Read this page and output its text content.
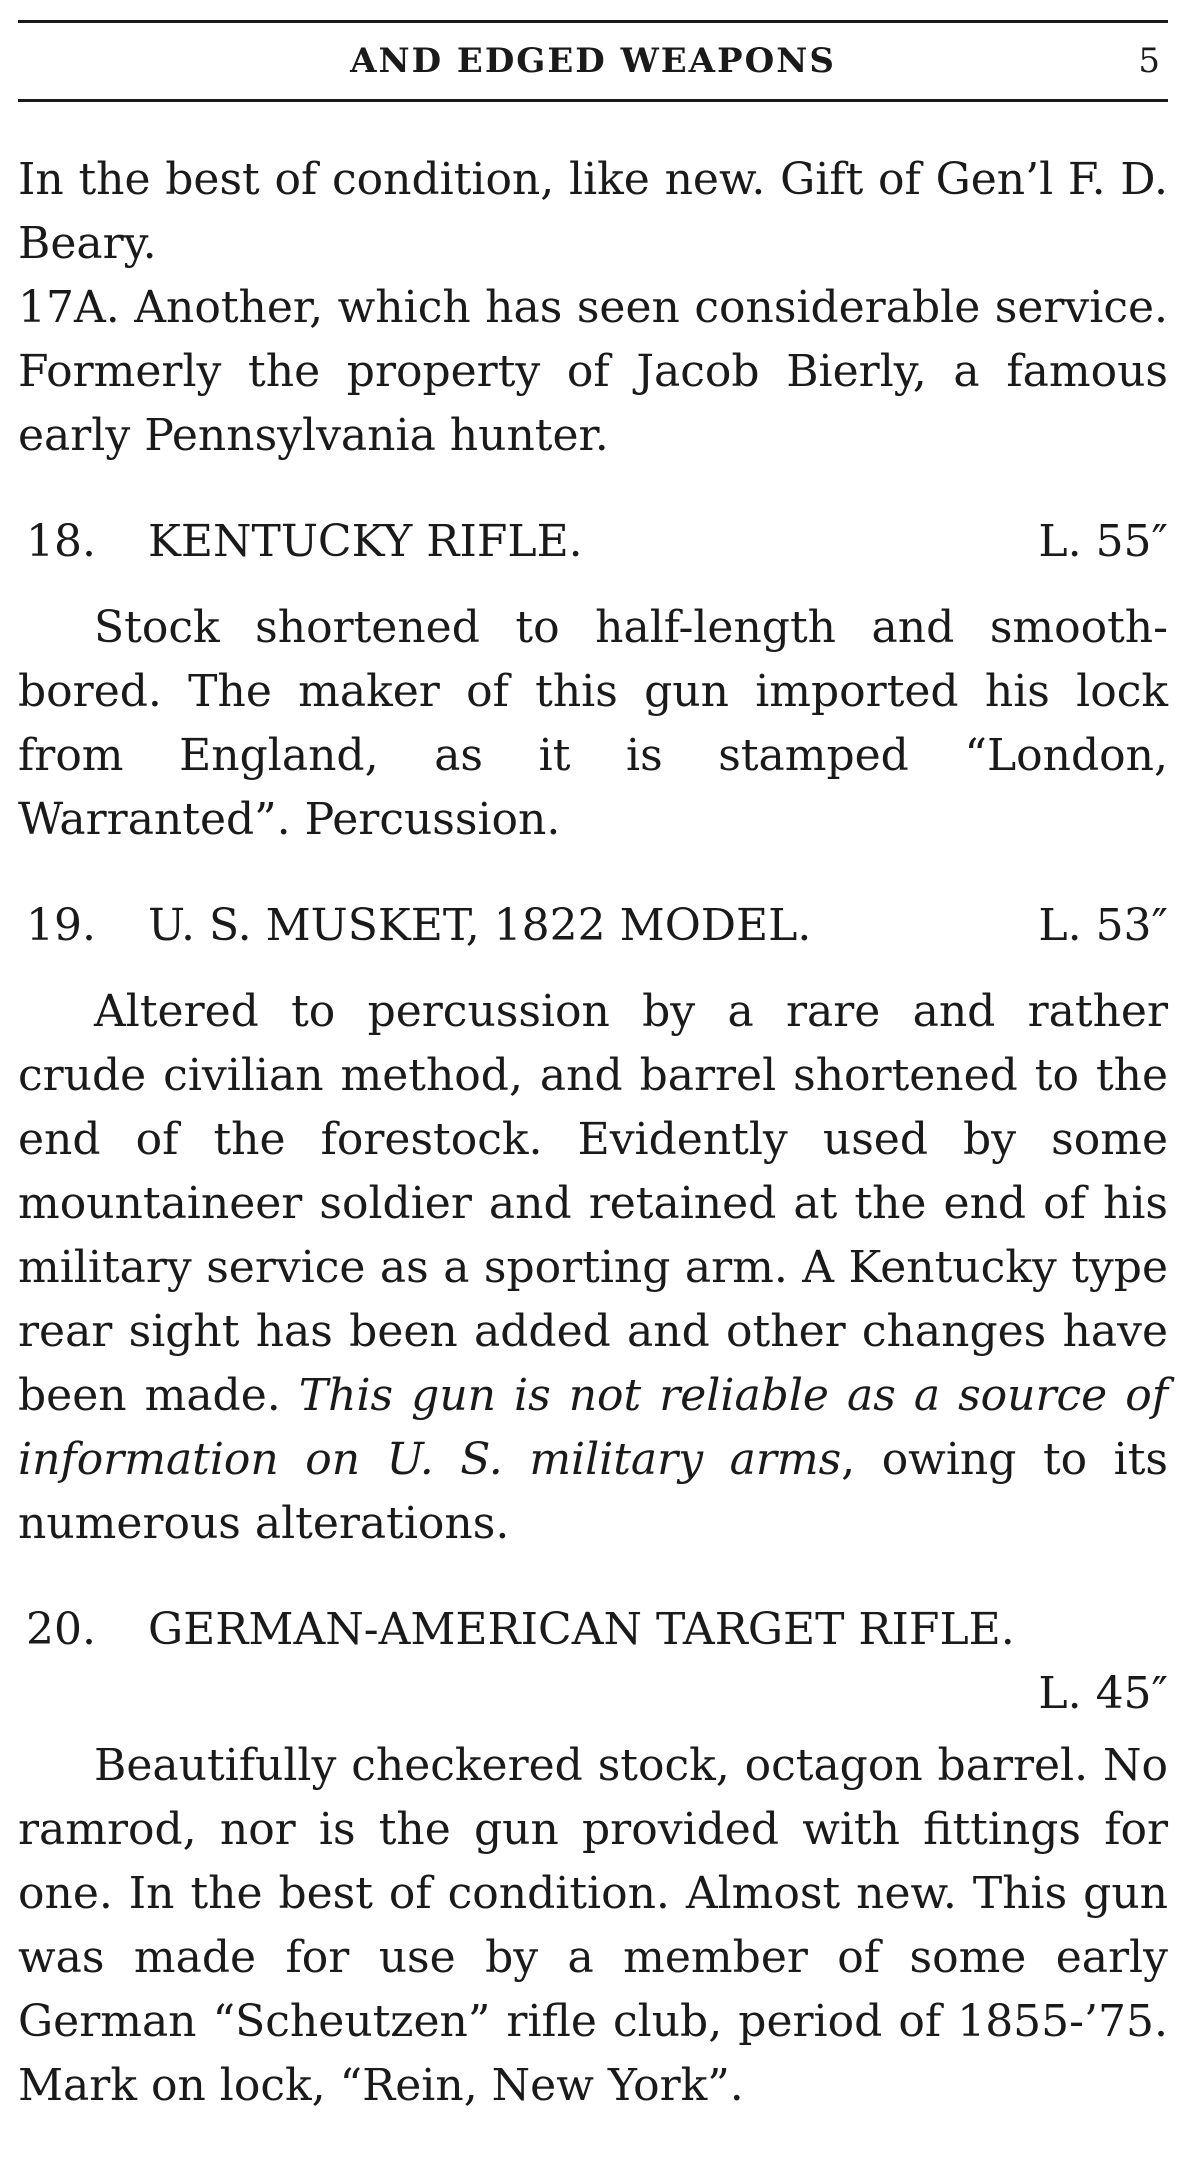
AND EDGED WEAPONS	5

In the best of condition, like new. Gift of Gen’l F. D. Beary.

17A. Another, which has seen considerable service. Formerly the property of Jacob Bierly, a famous early Pennsylvania hunter.

18. KENTUCKY RIFLE.	L. 55″

Stock shortened to half-length and smooth-bored. The maker of this gun imported his lock from England, as it is stamped “London, Warranted”. Percussion.

19. U. S. MUSKET, 1822 MODEL.	L. 53″

Altered to percussion by a rare and rather crude civilian method, and barrel shortened to the end of the forestock. Evidently used by some mountaineer soldier and retained at the end of his military service as a sporting arm. A Kentucky type rear sight has been added and other changes have been made. This gun is not reliable as a source of information on U. S. military arms, owing to its numerous alterations.

20. GERMAN-AMERICAN TARGET RIFLE.
L. 45″

Beautifully checkered stock, octagon barrel. No ramrod, nor is the gun provided with fittings for one. In the best of condition. Almost new. This gun was made for use by a member of some early German “Scheutzen” rifle club, period of 1855-’75. Mark on lock, “Rein, New York”.
